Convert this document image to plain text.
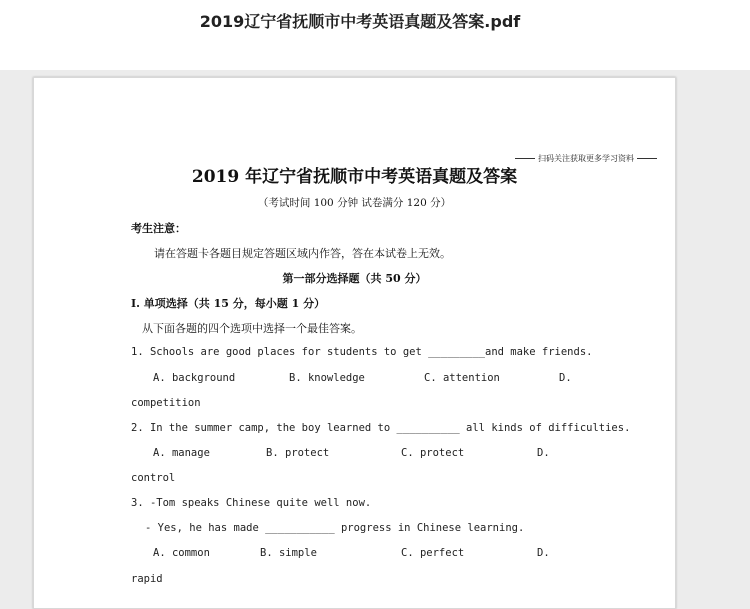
2019辽宁省抚顺市中考英语真题及答案.pdf
扫码关注获取更多学习资料
2019 年辽宁省抚顺市中考英语真题及答案
（考试时间 100 分钟 试卷满分 120 分）
考生注意：
请在答题卡各题目规定答题区域内作答，答在本试卷上无效。
第一部分选择题（共 50 分）
I. 单项选择（共 15 分，每小题 1 分）
从下面各题的四个选项中选择一个最佳答案。
1. Schools are good places for students to get _________and make friends.
A. background	B. knowledge	C. attention	D.
competition
2. In the summer camp, the boy learned to __________ all kinds of difficulties.
A. manage	B. protect	C. protect	D.
control
3. -Tom speaks Chinese quite well now.
- Yes, he has made ___________ progress in Chinese learning.
A. common	B. simple	C. perfect	D.
rapid
